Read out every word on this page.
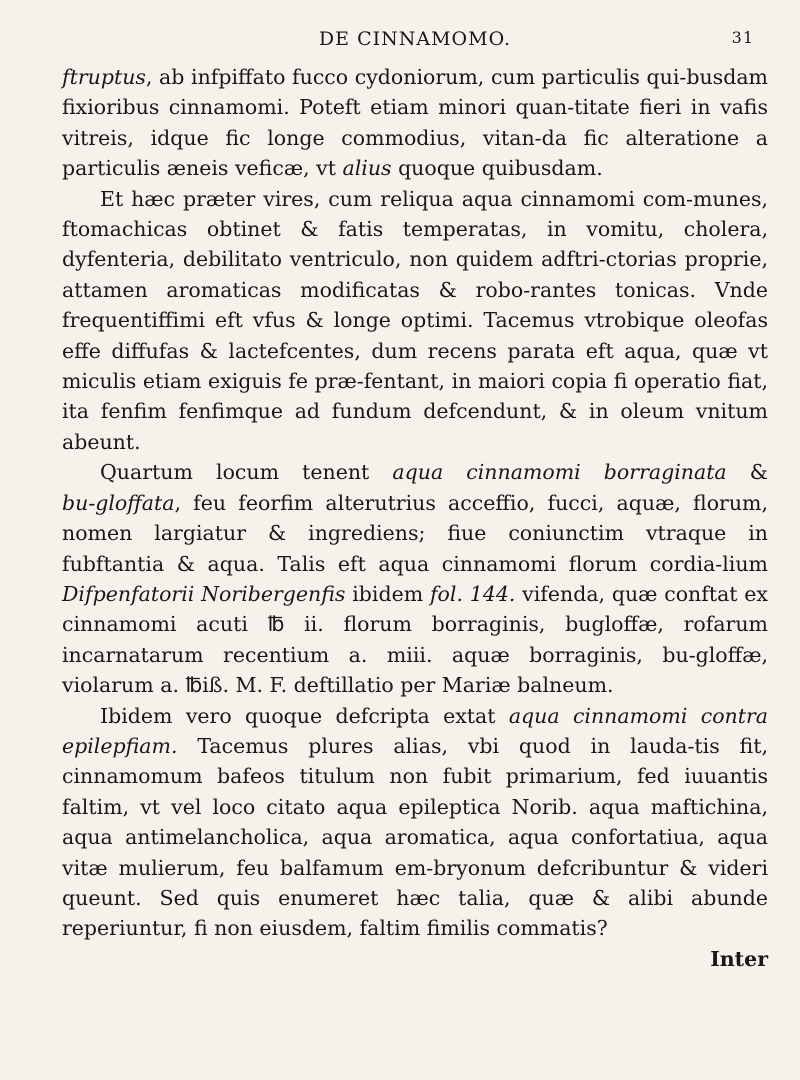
DE CINNAMOMO.	31

ftruptus, ab infpiffato fucco cydoniorum, cum particulis qui‑busdam fixioribus cinnamomi. Poteft etiam minori quan‑titate fieri in vafis vitreis, idque fic longe commodius, vitan‑da fic alteratione a particulis æneis veficæ, vt alius quoque quibusdam.

Et hæc præter vires, cum reliqua aqua cinnamomi com‑munes, ftomachicas obtinet & fatis temperatas, in vomitu, cholera, dyfenteria, debilitato ventriculo, non quidem adftri‑ctorias proprie, attamen aromaticas modificatas & robo‑rantes tonicas. Vnde frequentiffimi eft vfus & longe optimi. Tacemus vtrobique oleofas effe diffufas & lactefcentes, dum recens parata eft aqua, quæ vt miculis etiam exiguis fe præ‑fentant, in maiori copia fi operatio fiat, ita fenfim fenfimque ad fundum defcendunt, & in oleum vnitum abeunt.

Quartum locum tenent aqua cinnamomi borraginata & bu‑gloffata, feu feorfim alterutrius acceffio, fucci, aquæ, florum, nomen largiatur & ingrediens; fiue coniunctim vtraque in fubftantia & aqua. Talis eft aqua cinnamomi florum cordia‑lium Difpenfatorii Noribergenfis ibidem fol. 144. vifenda, quæ conftat ex cinnamomi acuti ℔ ii. florum borraginis, bugloffæ, rofarum incarnatarum recentium a. miii. aquæ borraginis, bu‑gloffæ, violarum a. ℔iß. M. F. deftillatio per Mariæ balneum.

Ibidem vero quoque defcripta extat aqua cinnamomi contra epilepfiam. Tacemus plures alias, vbi quod in lauda‑tis fit, cinnamomum bafeos titulum non fubit primarium, fed iuuantis faltim, vt vel loco citato aqua epileptica Norib. aqua maftichina, aqua antimelancholica, aqua aromatica, aqua confortatiua, aqua vitæ mulierum, feu balfamum em‑bryonum defcribuntur & videri queunt. Sed quis enumeret hæc talia, quæ & alibi abunde reperiuntur, fi non eiusdem, faltim fimilis commatis?

Inter
